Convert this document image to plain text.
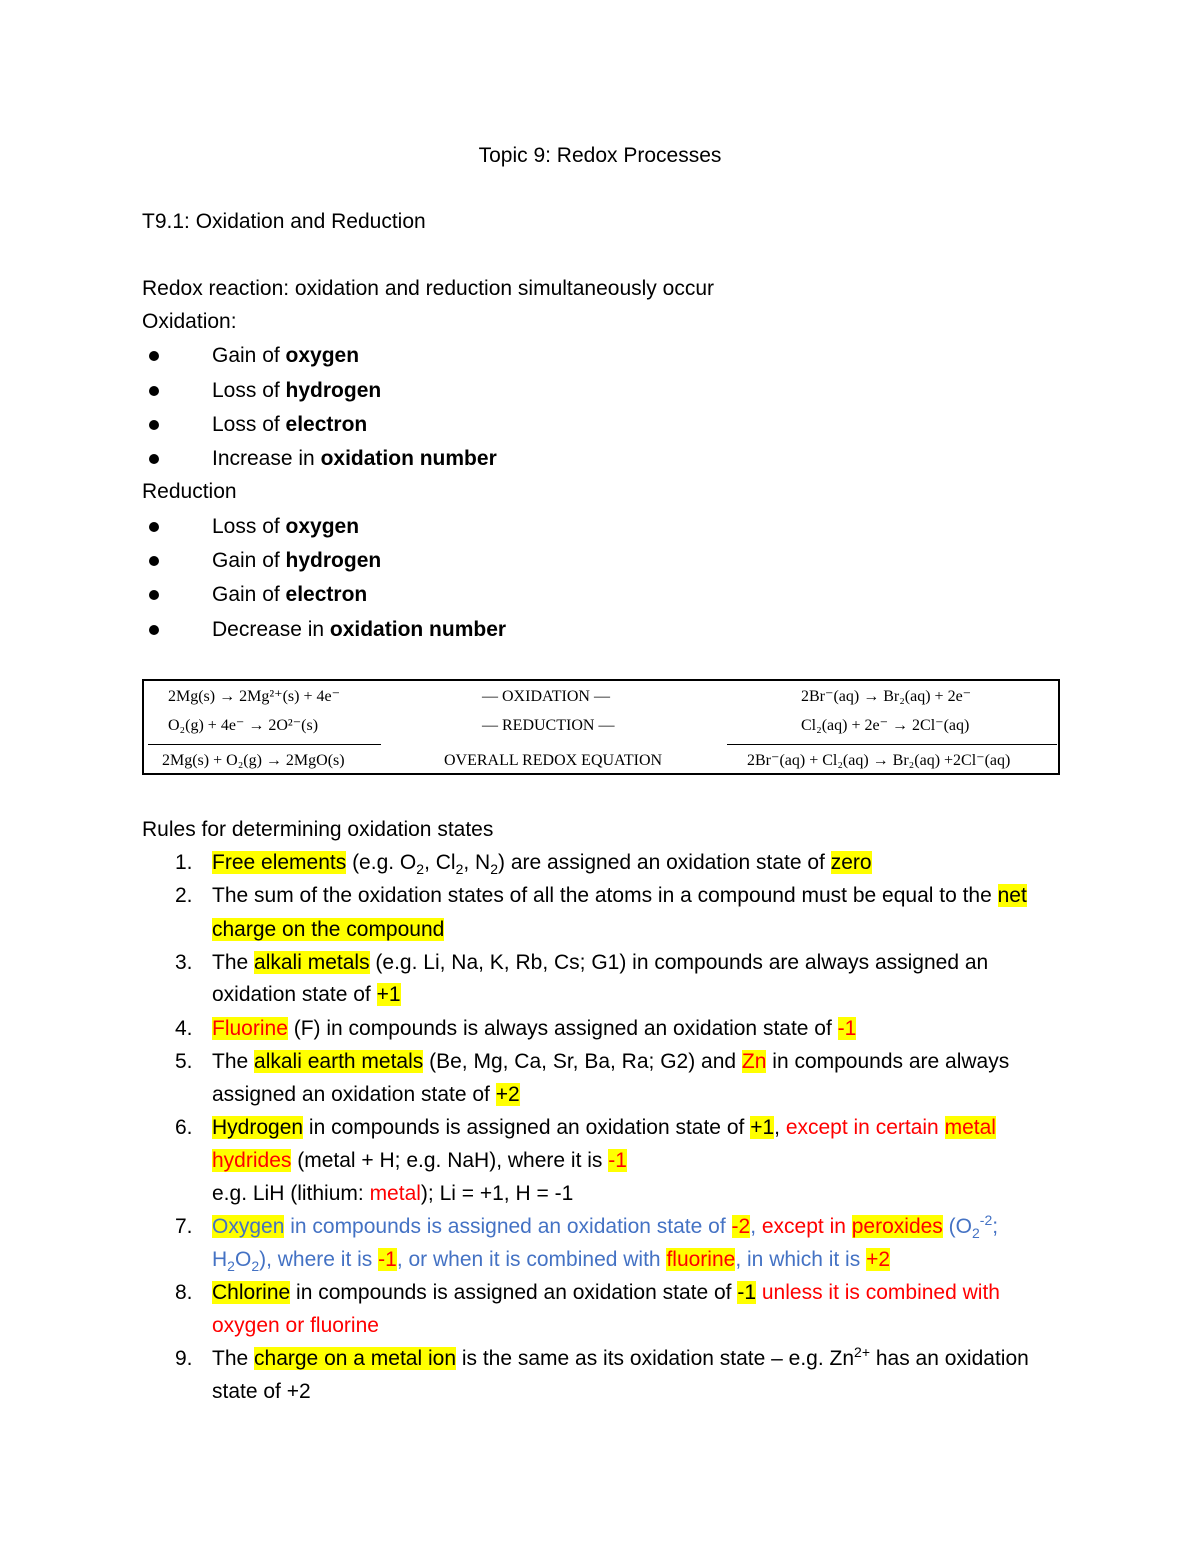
Topic 9: Redox Processes
T9.1: Oxidation and Reduction
Redox reaction: oxidation and reduction simultaneously occur
Oxidation:
Gain of oxygen
Loss of hydrogen
Loss of electron
Increase in oxidation number
Reduction
Loss of oxygen
Gain of hydrogen
Gain of electron
Decrease in oxidation number
2Mg(s) → 2Mg²⁺(s) + 4e⁻
O₂(g) + 4e⁻ → 2O²⁻(s)
2Mg(s) + O₂(g) → 2MgO(s)
— OXIDATION —
— REDUCTION —
OVERALL REDOX EQUATION
2Br⁻(aq) → Br₂(aq) + 2e⁻
Cl₂(aq) + 2e⁻ → 2Cl⁻(aq)
2Br⁻(aq) + Cl₂(aq) → Br₂(aq) +2Cl⁻(aq)
Rules for determining oxidation states
1. Free elements (e.g. $O_2$, $Cl_2$, $N_2$) are assigned an oxidation state of zero
2. The sum of the oxidation states of all the atoms in a compound must be equal to the net
charge on the compound
3. The alkali metals (e.g. Li, Na, K, Rb, Cs; G1) in compounds are always assigned an
oxidation state of +1
4. Fluorine (F) in compounds is always assigned an oxidation state of -1
5. The alkali earth metals (Be, Mg, Ca, Sr, Ba, Ra; G2) and Zn in compounds are always
assigned an oxidation state of +2
6. Hydrogen in compounds is assigned an oxidation state of +1, except in certain metal
hydrides (metal + H; e.g. NaH), where it is -1
e.g. LiH (lithium: metal); Li = +1, H = -1
7. Oxygen in compounds is assigned an oxidation state of -2, except in peroxides ($O_2^{-2}$;
$H_2O_2$), where it is -1, or when it is combined with fluorine, in which it is +2
8. Chlorine in compounds is assigned an oxidation state of -1 unless it is combined with
oxygen or fluorine
9. The charge on a metal ion is the same as its oxidation state – e.g. $Zn^{2+}$ has an oxidation
state of +2
